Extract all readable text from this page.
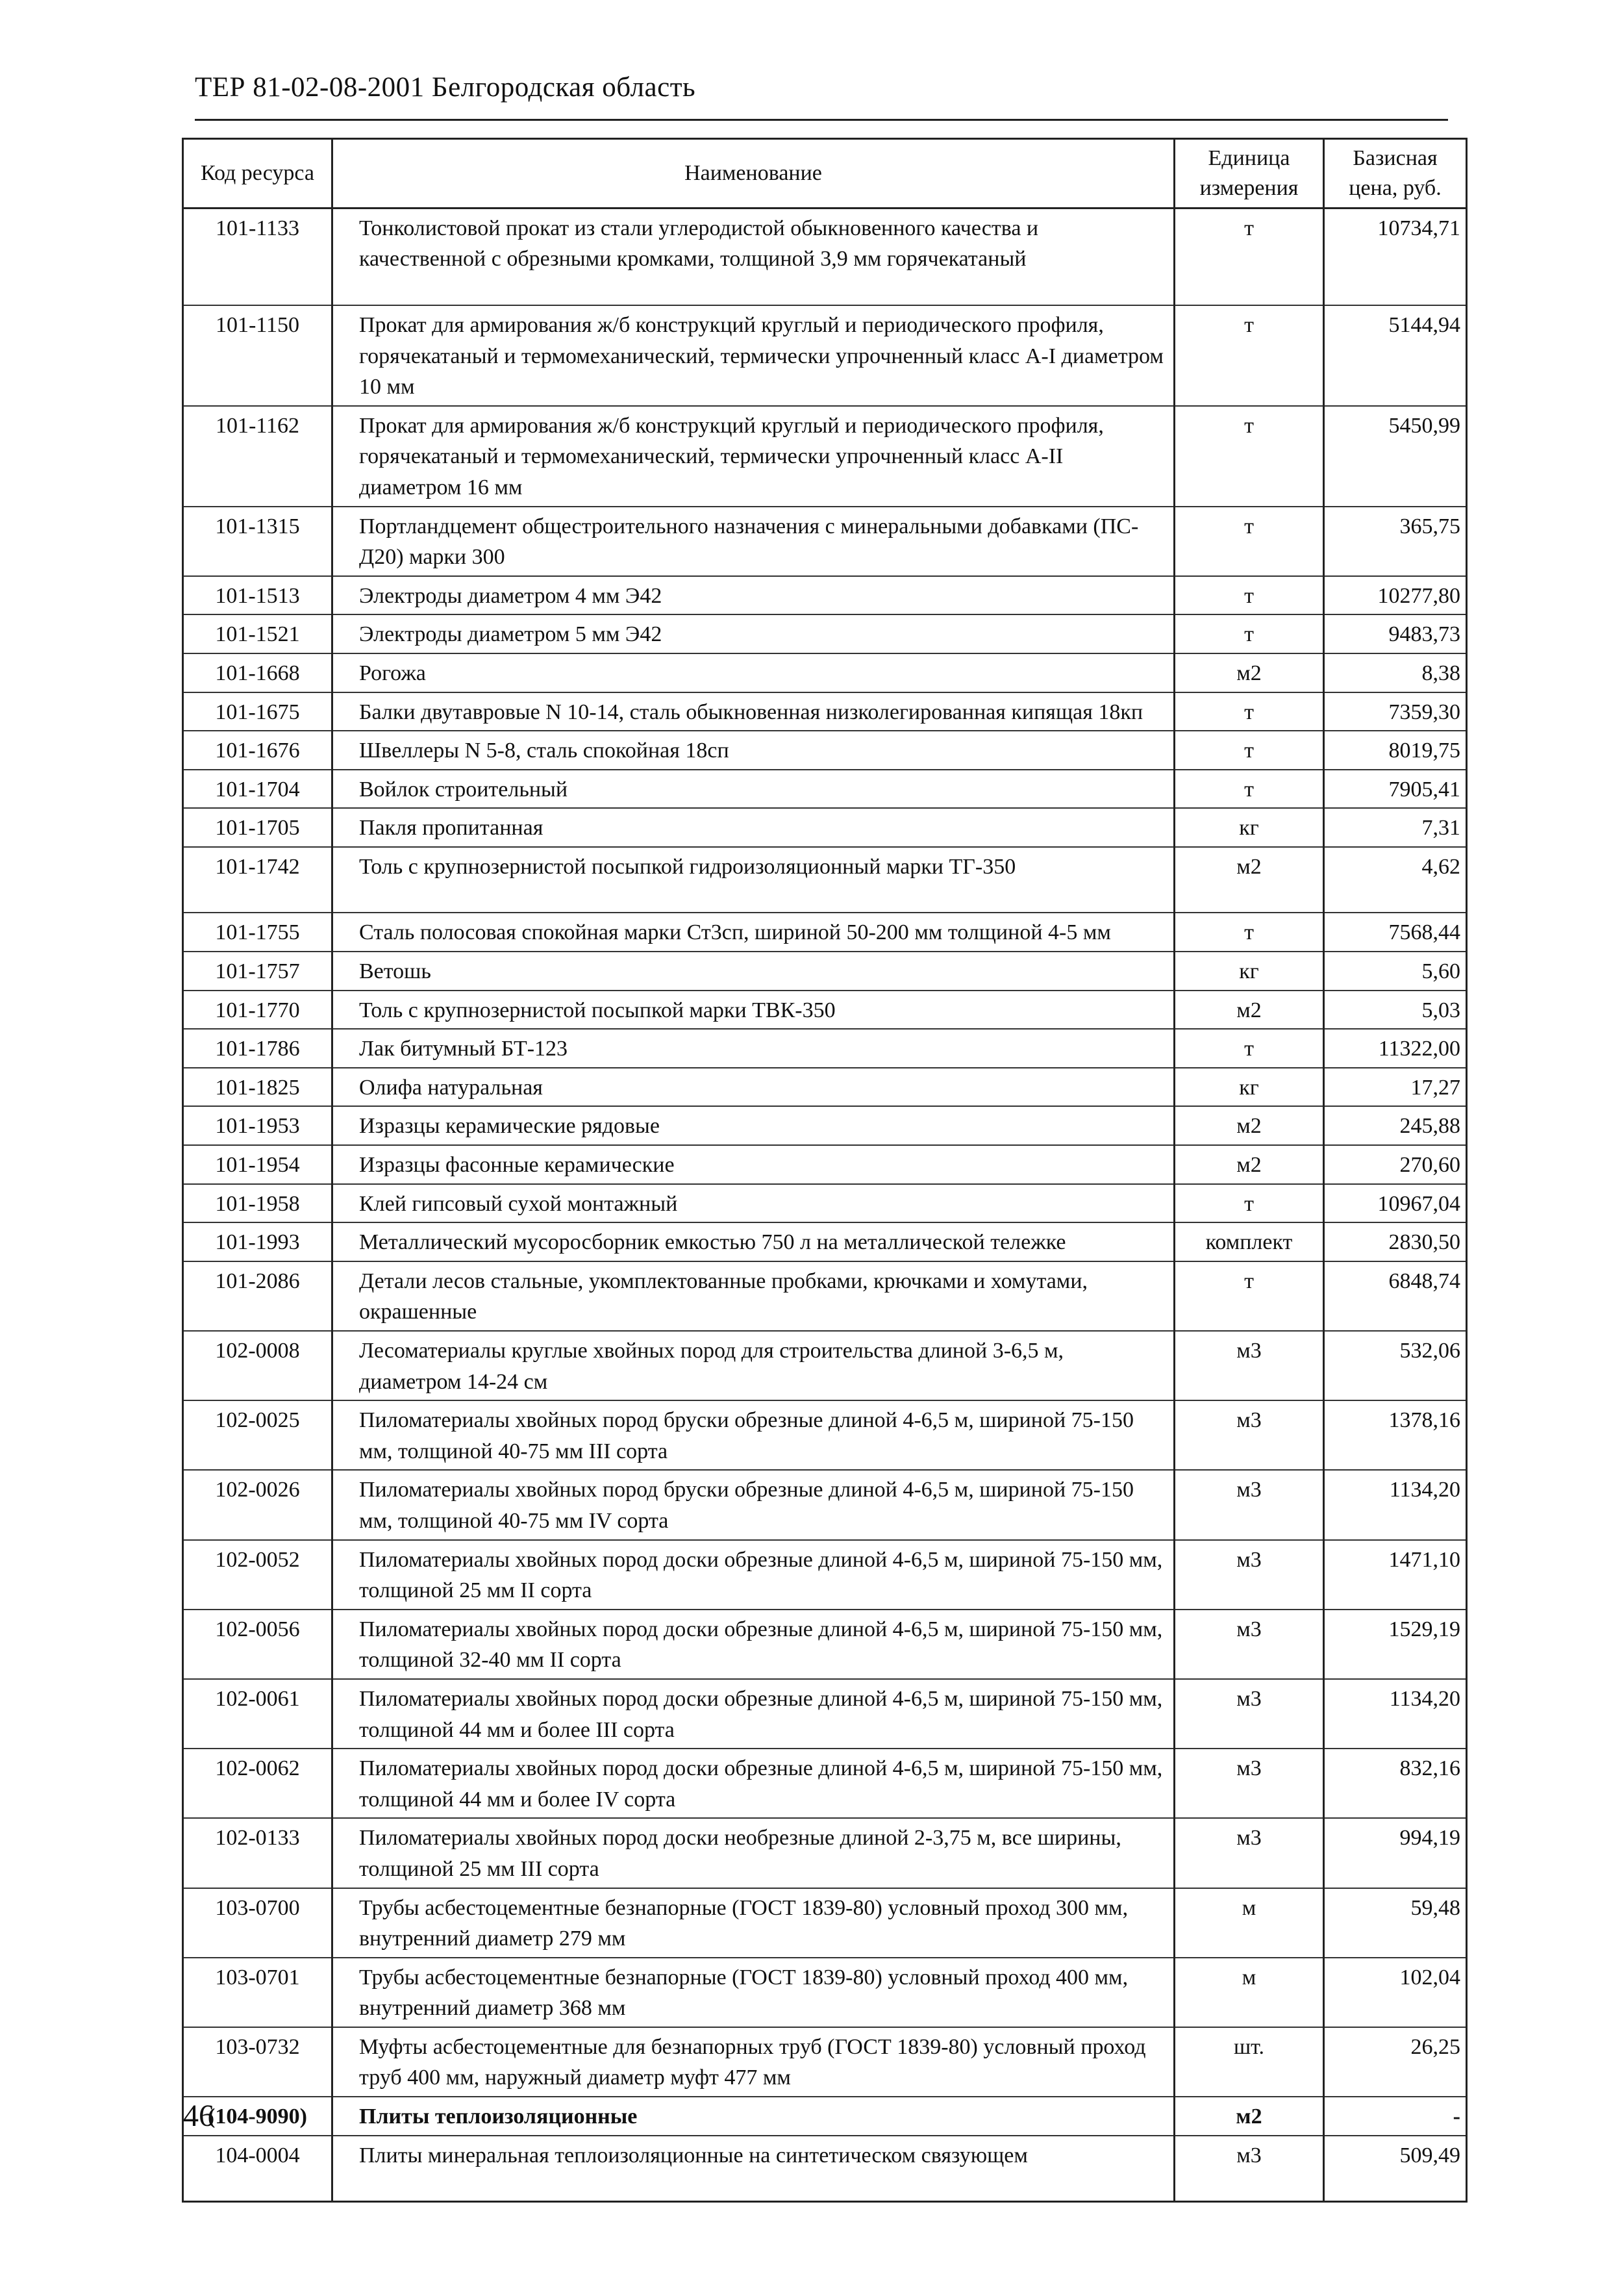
ТЕР 81-02-08-2001 Белгородская область
Код ресурса	Наименование	Единица измерения	Базисная цена, руб.
101-1133	Тонколистовой прокат из стали углеродистой обыкновенного качества и качественной с обрезными кромками, толщиной 3,9 мм горячекатаный	т	10734,71
101-1150	Прокат для армирования ж/б конструкций круглый и периодического профиля, горячекатаный и термомеханический, термически упрочненный класс А-I диаметром 10 мм	т	5144,94
101-1162	Прокат для армирования ж/б конструкций круглый и периодического профиля, горячекатаный и термомеханический, термически упрочненный класс А-II диаметром 16 мм	т	5450,99
101-1315	Портландцемент общестроительного назначения с минеральными добавками (ПС-Д20) марки 300	т	365,75
101-1513	Электроды диаметром 4 мм Э42	т	10277,80
101-1521	Электроды диаметром 5 мм Э42	т	9483,73
101-1668	Рогожа	м2	8,38
101-1675	Балки двутавровые N 10-14, сталь обыкновенная низколегированная кипящая 18кп	т	7359,30
101-1676	Швеллеры N 5-8, сталь спокойная 18сп	т	8019,75
101-1704	Войлок строительный	т	7905,41
101-1705	Пакля пропитанная	кг	7,31
101-1742	Толь с крупнозернистой посыпкой гидроизоляционный марки ТГ-350	м2	4,62
101-1755	Сталь полосовая спокойная марки Ст3сп, шириной 50-200 мм толщиной 4-5 мм	т	7568,44
101-1757	Ветошь	кг	5,60
101-1770	Толь с крупнозернистой посыпкой марки ТВК-350	м2	5,03
101-1786	Лак битумный БТ-123	т	11322,00
101-1825	Олифа натуральная	кг	17,27
101-1953	Изразцы керамические рядовые	м2	245,88
101-1954	Изразцы фасонные керамические	м2	270,60
101-1958	Клей гипсовый сухой монтажный	т	10967,04
101-1993	Металлический мусоросборник емкостью 750 л на металлической тележке	комплект	2830,50
101-2086	Детали лесов стальные, укомплектованные пробками, крючками и хомутами, окрашенные	т	6848,74
102-0008	Лесоматериалы круглые хвойных пород для строительства длиной 3-6,5 м, диаметром 14-24 см	м3	532,06
102-0025	Пиломатериалы хвойных пород бруски обрезные длиной 4-6,5 м, шириной 75-150 мм, толщиной 40-75 мм III сорта	м3	1378,16
102-0026	Пиломатериалы хвойных пород бруски обрезные длиной 4-6,5 м, шириной 75-150 мм, толщиной 40-75 мм IV сорта	м3	1134,20
102-0052	Пиломатериалы хвойных пород доски обрезные длиной 4-6,5 м, шириной 75-150 мм, толщиной 25 мм II сорта	м3	1471,10
102-0056	Пиломатериалы хвойных пород доски обрезные длиной 4-6,5 м, шириной 75-150 мм, толщиной 32-40 мм II сорта	м3	1529,19
102-0061	Пиломатериалы хвойных пород доски обрезные длиной 4-6,5 м, шириной 75-150 мм, толщиной 44 мм и более III сорта	м3	1134,20
102-0062	Пиломатериалы хвойных пород доски обрезные длиной 4-6,5 м, шириной 75-150 мм, толщиной 44 мм и более IV сорта	м3	832,16
102-0133	Пиломатериалы хвойных пород доски необрезные длиной 2-3,75 м, все ширины, толщиной 25 мм III сорта	м3	994,19
103-0700	Трубы асбестоцементные безнапорные (ГОСТ 1839-80) условный проход 300 мм, внутренний диаметр 279 мм	м	59,48
103-0701	Трубы асбестоцементные безнапорные (ГОСТ 1839-80) условный проход 400 мм, внутренний диаметр 368 мм	м	102,04
103-0732	Муфты асбестоцементные для безнапорных труб (ГОСТ 1839-80) условный проход труб 400 мм, наружный диаметр муфт 477 мм	шт.	26,25
(104-9090)	Плиты теплоизоляционные	м2	-
104-0004	Плиты минеральная теплоизоляционные на синтетическом связующем	м3	509,49
46
